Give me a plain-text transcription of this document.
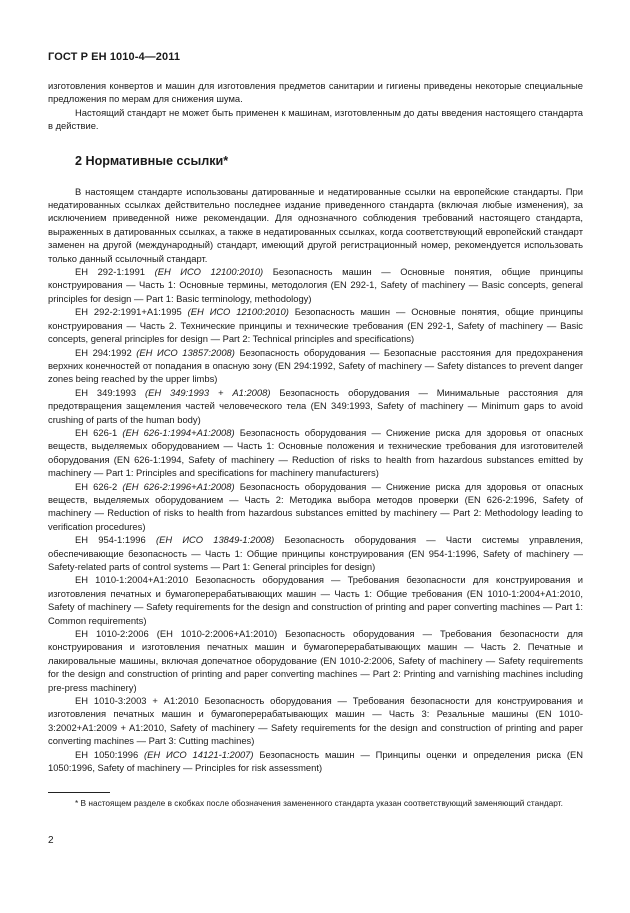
ГОСТ Р ЕН 1010-4—2011

изготовления конвертов и машин для изготовления предметов санитарии и гигиены приведены некоторые специальные предложения по мерам для снижения шума.

Настоящий стандарт не может быть применен к машинам, изготовленным до даты введения настоящего стандарта в действие.

2 Нормативные ссылки*

В настоящем стандарте использованы датированные и недатированные ссылки на европейские стандарты. При недатированных ссылках действительно последнее издание приведенного стандарта (включая любые изменения), за исключением приведенной ниже рекомендации. Для однозначного соблюдения требований настоящего стандарта, выраженных в датированных ссылках, а также в недатированных ссылках, когда соответствующий европейский стандарт заменен на другой (международный) стандарт, имеющий другой регистрационный номер, рекомендуется использовать только данный ссылочный стандарт.

ЕН 292-1:1991 (ЕН ИСО 12100:2010) Безопасность машин — Основные понятия, общие принципы конструирования — Часть 1: Основные термины, методология (EN 292-1, Safety of machinery — Basic concepts, general principles for design — Part 1: Basic terminology, methodology)

ЕН 292-2:1991+А1:1995 (ЕН ИСО 12100:2010) Безопасность машин — Основные понятия, общие принципы конструирования — Часть 2. Технические принципы и технические требования (EN 292-1, Safety of machinery — Basic concepts, general principles for design — Part 2: Technical principles and specifications)

ЕН 294:1992 (ЕН ИСО 13857:2008) Безопасность оборудования — Безопасные расстояния для предохранения верхних конечностей от попадания в опасную зону (EN 294:1992, Safety of machinery — Safety distances to prevent danger zones being reached by the upper limbs)

ЕН 349:1993 (ЕН 349:1993 + А1:2008) Безопасность оборудования — Минимальные расстояния для предотвращения защемления частей человеческого тела (EN 349:1993, Safety of machinery — Minimum gaps to avoid crushing of parts of the human body)

ЕН 626-1 (ЕН 626-1:1994+А1:2008) Безопасность оборудования — Снижение риска для здоровья от опасных веществ, выделяемых оборудованием — Часть 1: Основные положения и технические требования для изготовителей оборудования (EN 626-1:1994, Safety of machinery — Reduction of risks to health from hazardous substances emitted by machinery — Part 1: Principles and specifications for machinery manufacturers)

ЕН 626-2 (ЕН 626-2:1996+А1:2008) Безопасность оборудования — Снижение риска для здоровья от опасных веществ, выделяемых оборудованием — Часть 2: Методика выбора методов проверки (EN 626-2:1996, Safety of machinery — Reduction of risks to health from hazardous substances emitted by machinery — Part 2: Methodology leading to verification procedures)

ЕН 954-1:1996 (ЕН ИСО 13849-1:2008) Безопасность оборудования — Части системы управления, обеспечивающие безопасность — Часть 1: Общие принципы конструирования (EN 954-1:1996, Safety of machinery — Safety-related parts of control systems — Part 1: General principles for design)

ЕН 1010-1:2004+А1:2010 Безопасность оборудования — Требования безопасности для конструирования и изготовления печатных и бумагоперерабатывающих машин — Часть 1: Общие требования (EN 1010-1:2004+A1:2010, Safety of machinery — Safety requirements for the design and construction of printing and paper converting machines — Part 1: Common requirements)

ЕН 1010-2:2006 (ЕН 1010-2:2006+А1:2010) Безопасность оборудования — Требования безопасности для конструирования и изготовления печатных машин и бумагоперерабатывающих машин — Часть 2. Печатные и лакировальные машины, включая допечатное оборудование (EN 1010-2:2006, Safety of machinery — Safety requirements for the design and construction of printing and paper converting machines — Part 2: Printing and varnishing machines including pre-press machinery)

ЕН 1010-3:2003 + А1:2010 Безопасность оборудования — Требования безопасности для конструирования и изготовления печатных машин и бумагоперерабатывающих машин — Часть 3: Резальные машины (EN 1010-3:2002+A1:2009 + A1:2010, Safety of machinery — Safety requirements for the design and construction of printing and paper converting machines — Part 3: Cutting machines)

ЕН 1050:1996 (ЕН ИСО 14121-1:2007) Безопасность машин — Принципы оценки и определения риска (EN 1050:1996, Safety of machinery — Principles for risk assessment)

* В настоящем разделе в скобках после обозначения замененного стандарта указан соответствующий заменяющий стандарт.

2
